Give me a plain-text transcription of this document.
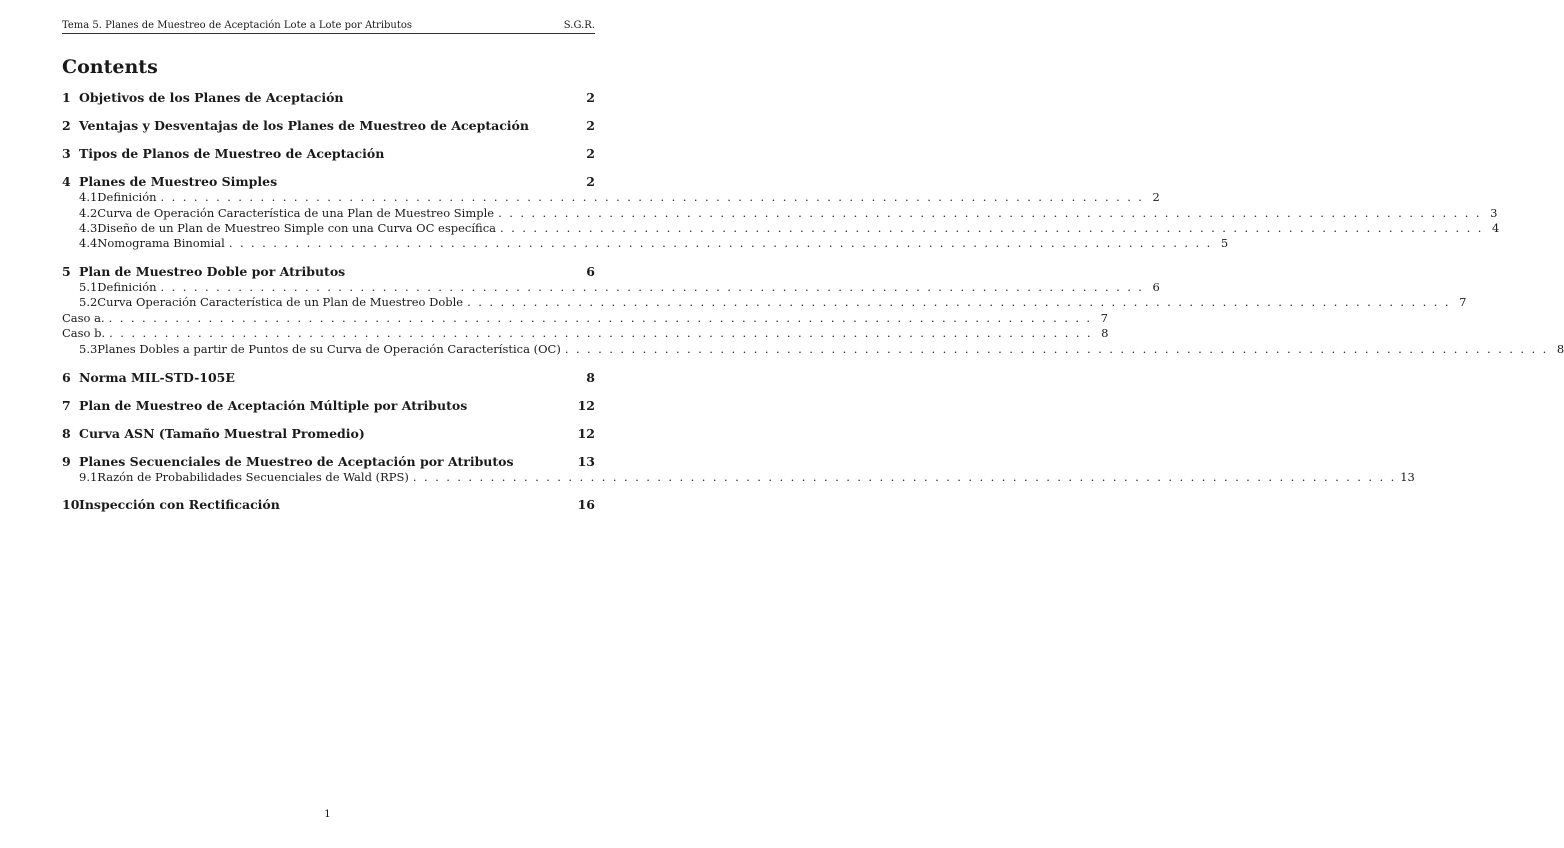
Tema 5. Planes de Muestreo de Aceptación Lote a Lote por Atributos	S.G.R.
Contents
1 Objetivos de los Planes de Aceptación	2
2 Ventajas y Desventajas de los Planes de Muestreo de Aceptación	2
3 Tipos de Planos de Muestreo de Aceptación	2
4 Planes de Muestreo Simples	2
4.1 Definición . . .	2
4.2 Curva de Operación Característica de una Plan de Muestreo Simple . . .	3
4.3 Diseño de un Plan de Muestreo Simple con una Curva OC específica . . .	4
4.4 Nomograma Binomial . . .	5
5 Plan de Muestreo Doble por Atributos	6
5.1 Definición . . .	6
5.2 Curva Operación Característica de un Plan de Muestreo Doble . . .	7
Caso a. . . .	7
Caso b. . . .	8
5.3 Planes Dobles a partir de Puntos de su Curva de Operación Característica (OC) . . .	8
6 Norma MIL-STD-105E	8
7 Plan de Muestreo de Aceptación Múltiple por Atributos	12
8 Curva ASN (Tamaño Muestral Promedio)	12
9 Planes Secuenciales de Muestreo de Aceptación por Atributos	13
9.1 Razón de Probabilidades Secuenciales de Wald (RPS) . . .	13
10 Inspección con Rectificación	16
1
